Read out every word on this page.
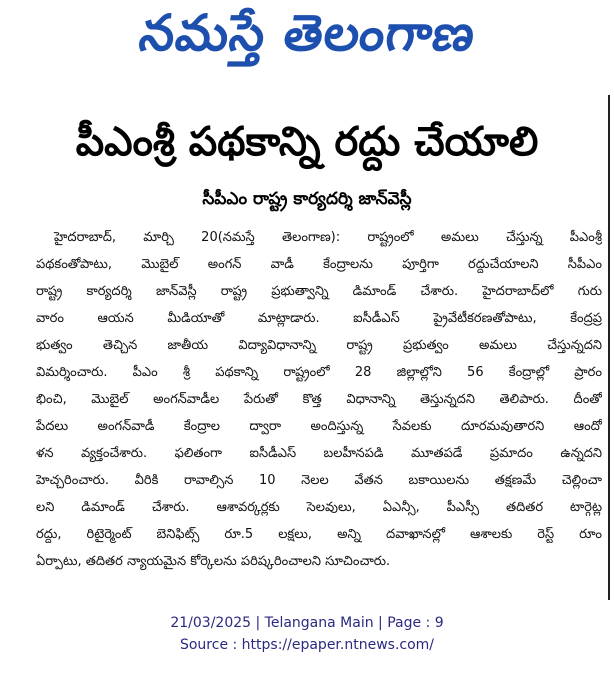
నమస్తే తెలంగాణ
పీఎంశ్రీ పథకాన్ని రద్దు చేయాలి
సీపీఎం రాష్ట్ర కార్యదర్శి జాన్‌వెస్లీ
హైదరాబాద్‌, మార్చి 20(నమస్తే తెలంగాణ): రాష్ట్రంలో అమలు చేస్తున్న పీఎంశ్రీ
పథకంతోపాటు, మొబైల్‌ అంగన్‌ వాడీ కేంద్రాలను పూర్తిగా రద్దుచేయాలని సీపీఎం
రాష్ట్ర కార్యదర్శి జాన్‌వెస్లీ రాష్ట్ర ప్రభుత్వాన్ని డిమాండ్‌ చేశారు. హైదరాబాద్‌లో గురు
వారం ఆయన మీడియాతో మాట్లాడారు. ఐసీడీఎస్‌ ప్రైవేటీకరణతోపాటు, కేంద్రప్ర
భుత్వం తెచ్చిన జాతీయ విద్యావిధానాన్ని రాష్ట్ర ప్రభుత్వం అమలు చేస్తున్నదని
విమర్శించారు. పీఎం శ్రీ పథకాన్ని రాష్ట్రంలో 28 జిల్లాల్లోని 56 కేంద్రాల్లో ప్రారం
భించి, మొబైల్‌ అంగన్‌వాడీల పేరుతో కొత్త విధానాన్ని తెస్తున్నదని తెలిపారు. దీంతో
పేదలు అంగన్‌వాడీ కేంద్రాల ద్వారా అందిస్తున్న సేవలకు దూరమవుతారని ఆందో
ళన వ్యక్తంచేశారు. ఫలితంగా ఐసీడీఎస్‌ బలహీనపడి మూతపడే ప్రమాదం ఉన్నదని
హెచ్చరించారు. వీరికి రావాల్సిన 10 నెలల వేతన బకాయిలను తక్షణమే చెల్లించా
లని డిమాండ్‌ చేశారు. ఆశావర్కర్లకు సెలవులు, ఏఎన్సీ, పీఎస్సీ తదితర టార్గెట్ల
రద్దు, రిటైర్మెంట్‌ బెనిఫిట్స్‌ రూ.5 లక్షలు, అన్ని దవాఖానల్లో ఆశాలకు రెస్ట్‌ రూం
ఏర్పాటు, తదితర న్యాయమైన కోర్కెలను పరిష్కరించాలని సూచించారు.
21/03/2025 | Telangana Main | Page : 9
Source : https://epaper.ntnews.com/
